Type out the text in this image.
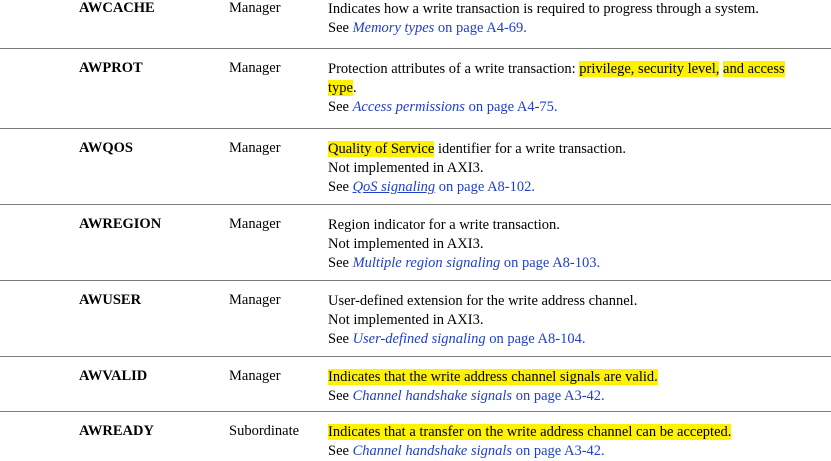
AWCACHE	Manager	Indicates how a write transaction is required to progress through a system.
See Memory types on page A4-69.
AWPROT	Manager	Protection attributes of a write transaction: privilege, security level, and access type.
See Access permissions on page A4-75.
AWQOS	Manager	Quality of Service identifier for a write transaction.
Not implemented in AXI3.
See QoS signaling on page A8-102.
AWREGION	Manager	Region indicator for a write transaction.
Not implemented in AXI3.
See Multiple region signaling on page A8-103.
AWUSER	Manager	User-defined extension for the write address channel.
Not implemented in AXI3.
See User-defined signaling on page A8-104.
AWVALID	Manager	Indicates that the write address channel signals are valid.
See Channel handshake signals on page A3-42.
AWREADY	Subordinate Indicates that a transfer on the write address channel can be accepted.
See Channel handshake signals on page A3-42.
